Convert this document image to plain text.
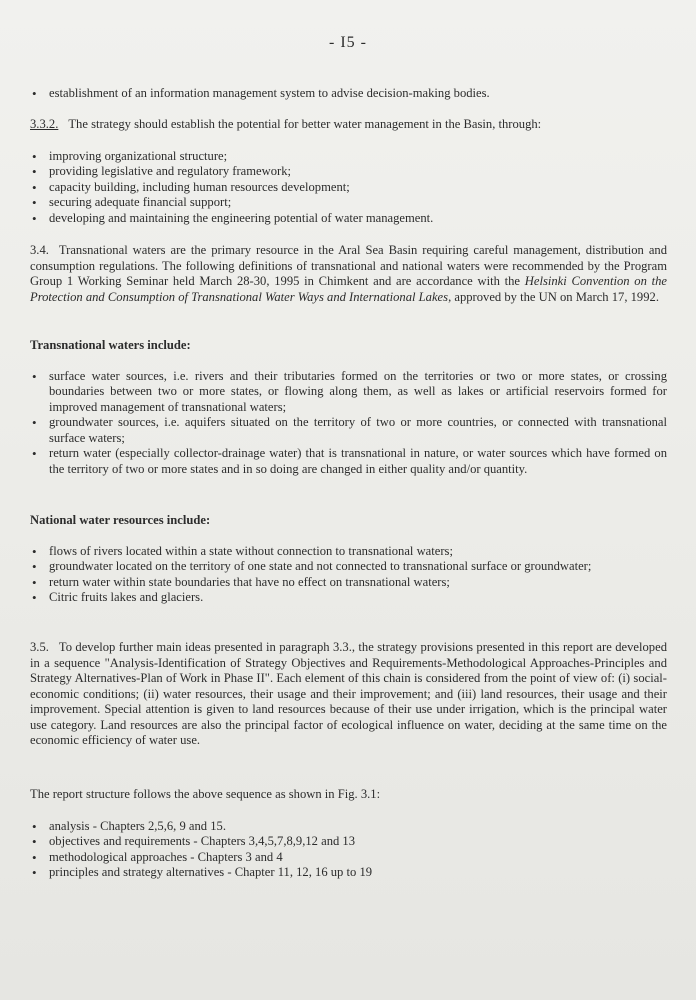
- I5 -
• establishment of an information management system to advise decision-making bodies.
3.3.2. The strategy should establish the potential for better water management in the Basin, through:
• improving organizational structure;
• providing legislative and regulatory framework;
• capacity building, including human resources development;
• securing adequate financial support;
• developing and maintaining the engineering potential of water management.
3.4. Transnational waters are the primary resource in the Aral Sea Basin requiring careful management, distribution and consumption regulations. The following definitions of transnational and national waters were recommended by the Program Group 1 Working Seminar held March 28-30, 1995 in Chimkent and are accordance with the Helsinki Convention on the Protection and Consumption of Transnational Water Ways and International Lakes, approved by the UN on March 17, 1992.
Transnational waters include:
• surface water sources, i.e. rivers and their tributaries formed on the territories or two or more states, or crossing boundaries between two or more states, or flowing along them, as well as lakes or artificial reservoirs formed for improved management of transnational waters;
• groundwater sources, i.e. aquifers situated on the territory of two or more countries, or connected with transnational surface waters;
• return water (especially collector-drainage water) that is transnational in nature, or water sources which have formed on the territory of two or more states and in so doing are changed in either quality and/or quantity.
National water resources include:
• flows of rivers located within a state without connection to transnational waters;
• groundwater located on the territory of one state and not connected to transnational surface or groundwater;
• return water within state boundaries that have no effect on transnational waters;
• Citric fruits lakes and glaciers.
3.5. To develop further main ideas presented in paragraph 3.3., the strategy provisions presented in this report are developed in a sequence "Analysis-Identification of Strategy Objectives and Requirements-Methodological Approaches-Principles and Strategy Alternatives-Plan of Work in Phase II". Each element of this chain is considered from the point of view of: (i) social-economic conditions; (ii) water resources, their usage and their improvement; and (iii) land resources, their usage and their improvement. Special attention is given to land resources because of their use under irrigation, which is the principal water use category. Land resources are also the principal factor of ecological influence on water, deciding at the same time on the economic efficiency of water use.
The report structure follows the above sequence as shown in Fig. 3.1:
• analysis - Chapters 2,5,6, 9 and 15.
• objectives and requirements - Chapters 3,4,5,7,8,9,12 and 13
• methodological approaches - Chapters 3 and 4
• principles and strategy alternatives - Chapter 11, 12, 16 up to 19
